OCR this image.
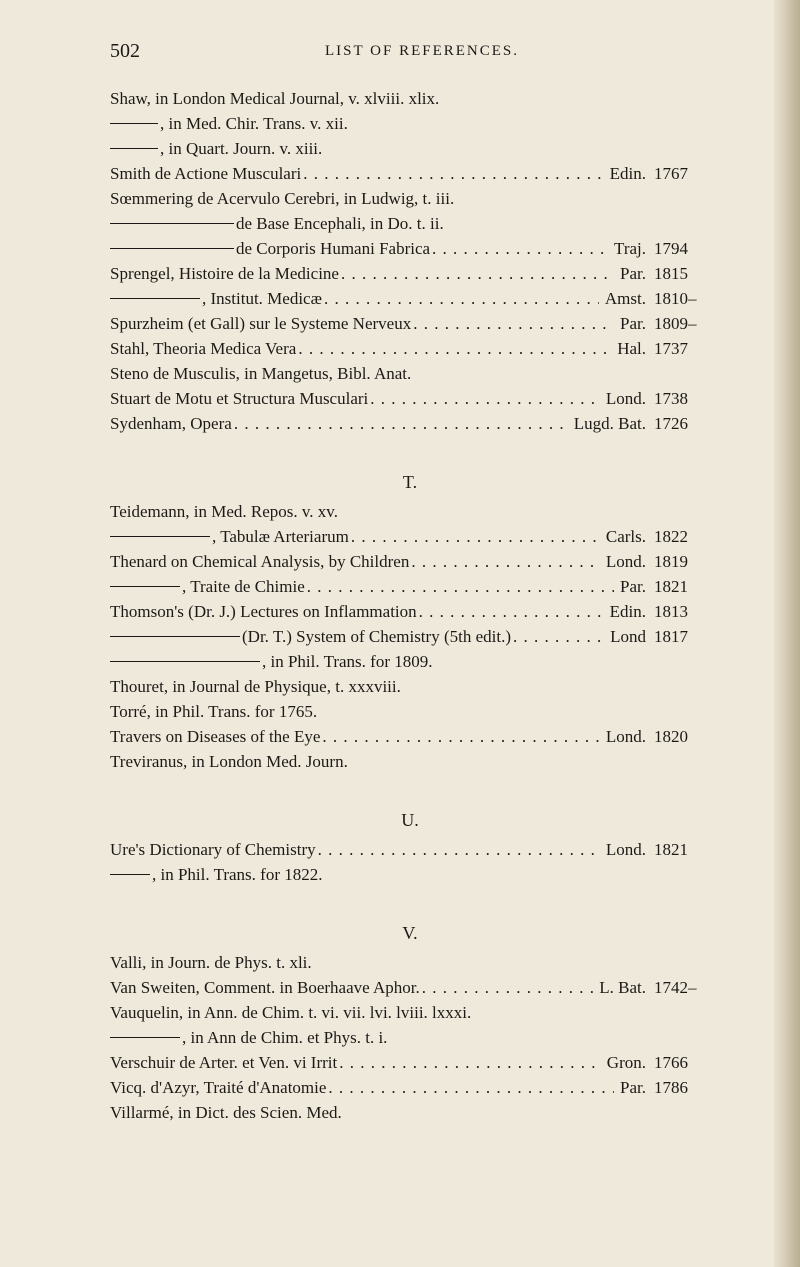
502	LIST OF REFERENCES.
Shaw, in London Medical Journal, v. xlviii. xlix.
, in Med. Chir. Trans. v. xii.
, in Quart. Journ. v. xiii.
Smith de Actione Musculari . . .	Edin. 1767
Sœmmering de Acervulo Cerebri, in Ludwig, t. iii.
de Base Encephali, in Do. t. ii.
de Corporis Humani Fabrica . . .	Traj. 1794
Sprengel, Histoire de la Medicine . . .	Par. 1815
, Institut. Medicæ . . .	Amst. 1810–
Spurzheim (et Gall) sur le Systeme Nerveux . . .	Par. 1809–
Stahl, Theoria Medica Vera . . .	Hal. 1737
Steno de Musculis, in Mangetus, Bibl. Anat.
Stuart de Motu et Structura Musculari . . .	Lond. 1738
Sydenham, Opera . . .	Lugd. Bat. 1726
T.
Teidemann, in Med. Repos. v. xv.
, Tabulæ Arteriarum . . .	Carls. 1822
Thenard on Chemical Analysis, by Children . . .	Lond. 1819
, Traite de Chimie . . .	Par. 1821
Thomson's (Dr. J.) Lectures on Inflammation . . .	Edin. 1813
(Dr. T.) System of Chemistry (5th edit.) . . .	Lond 1817
, in Phil. Trans. for 1809.
Thouret, in Journal de Physique, t. xxxviii.
Torré, in Phil. Trans. for 1765.
Travers on Diseases of the Eye . . .	Lond. 1820
Treviranus, in London Med. Journ.
U.
Ure's Dictionary of Chemistry . . .	Lond. 1821
, in Phil. Trans. for 1822.
V.
Valli, in Journ. de Phys. t. xli.
Van Sweiten, Comment. in Boerhaave Aphor. . . .	L. Bat. 1742–
Vauquelin, in Ann. de Chim. t. vi. vii. lvi. lviii. lxxxi.
, in Ann de Chim. et Phys. t. i.
Verschuir de Arter. et Ven. vi Irrit . . .	Gron. 1766
Vicq. d'Azyr, Traité d'Anatomie . . .	Par. 1786
Villarmé, in Dict. des Scien. Med.
